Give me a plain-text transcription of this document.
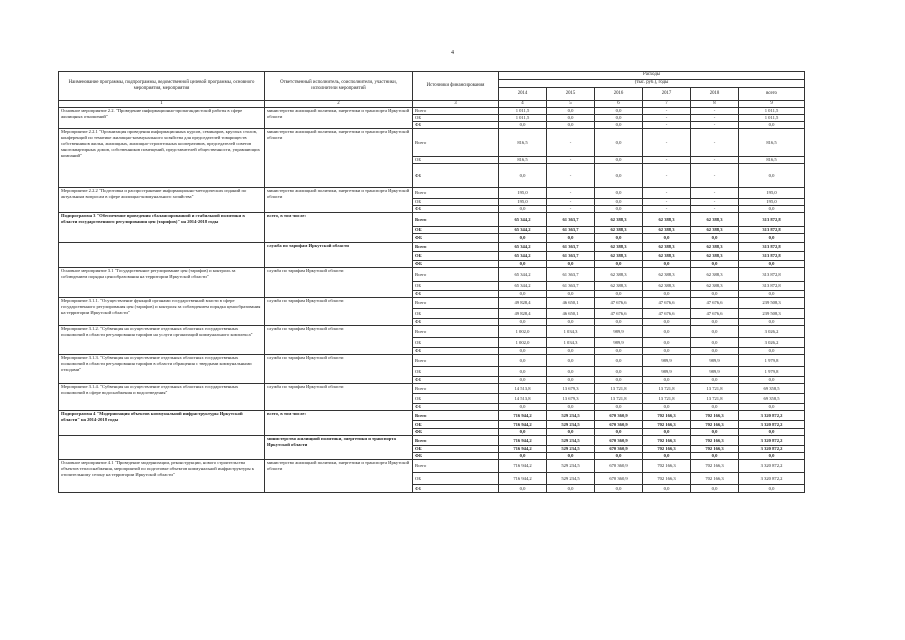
4
Наименование программы, подпрограммы, ведомственной целевой программы, основного мероприятия, мероприятия	Ответственный исполнитель, соисполнители, участники, исполнители мероприятий	Источники финансирования	Расходы					
			(тыс. руб.), годы					
			2014	2015	2016	2017	2018	всего
1	2	3	4	5	6	7	8	9
Основное мероприятие 2.2. "Проведение информационно-пропагандистской работы в сфере жилищных отношений"	министерство жилищной политики, энергетики и транспорта Иркутской области	Всего	1 011,5	0,0	0,0	-	-	1 011,5
		ОБ	1 011,5	0,0	0,0	-	-	1 011,5
		ФБ	0,0	0,0	0,0	-	-	0,0
Мероприятие 2.2.1 "Организация проведения информационных курсов, семинаров, круглых столов, конференций по тематике жилищно-коммунального хозяйства для председателей товариществ собственников жилья, жилищных, жилищно-строительных кооперативов, председателей советов многоквартирных домов, собственников помещений, представителей общественности, управляющих компаний"	министерство жилищной политики, энергетики и транспорта Иркутской области	Всего	816,5	-	0,0	-	-	816,5
		ОБ	816,5	-	0,0	-	-	816,5
		ФБ	0,0	-	0,0	-	-	0,0
Мероприятие 2.2.2 "Подготовка и распространение информационно-методических изданий по актуальным вопросам в сфере жилищно-коммунального хозяйства"	министерство жилищной политики, энергетики и транспорта Иркутской области	Всего	195,0	-	0,0	-	-	195,0
		ОБ	195,0	-	0,0	-	-	195,0
		ФБ	0,0	-	0,0	-	-	0,0
Подпрограмма 3 "Обеспечение проведения сбалансированной и стабильной политики в области государственного регулирования цен (тарифов)" на 2014-2018 годы	всего, в том числе:	Всего	65 344,2	61 363,7	62 388,3	62 388,3	62 388,3	313 872,8
		ОБ	65 344,2	61 363,7	62 388,3	62 388,3	62 388,3	313 872,8
		ФБ	0,0	0,0	0,0	0,0	0,0	0,0
	служба по тарифам Иркутской области	Всего	65 344,2	61 363,7	62 388,3	62 388,3	62 388,3	313 872,8
		ОБ	65 344,2	61 363,7	62 388,3	62 388,3	62 388,3	313 872,8
		ФБ	0,0	0,0	0,0	0,0	0,0	0,0
Основное мероприятие 3.1 "Государственное регулирование цен (тарифов) и контроль за соблюдением порядка ценообразования на территории Иркутской области"	служба по тарифам Иркутской области	Всего	65 344,2	61 363,7	62 388,3	62 388,3	62 388,3	313 872,8
		ОБ	65 344,2	61 363,7	62 388,3	62 388,3	62 388,3	313 872,8
		ФБ	0,0	0,0	0,0	0,0	0,0	0,0
Мероприятие 3.1.1. "Осуществление функций органами государственной власти в сфере государственного регулирования цен (тарифов) и контроля за соблюдением порядка ценообразования на территории Иркутской области"	служба по тарифам Иркутской области	Всего	49 828,4	46 650,1	47 676,6	47 676,6	47 676,6	239 508,3
		ОБ	49 828,4	46 650,1	47 676,6	47 676,6	47 676,6	239 508,3
		ФБ	0,0	0,0	0,0	0,0	0,0	0,0
Мероприятие 3.1.2. "Субвенция на осуществление отдельных областных государственных полномочий в области регулирования тарифов на услуги организаций коммунального комплекса"	служба по тарифам Иркутской области	Всего	1 002,0	1 034,3	989,9	0,0	0,0	3 026,2
		ОБ	1 002,0	1 034,3	989,9	0,0	0,0	3 026,2
		ФБ	0,0	0,0	0,0	0,0	0,0	0,0
Мероприятие 3.1.3. "Субвенция на осуществление отдельных областных государственных полномочий в области регулирования тарифов в области обращения с твердыми коммунальными отходами"	служба по тарифам Иркутской области	Всего	0,0	0,0	0,0	989,9	989,9	1 979,8
		ОБ	0,0	0,0	0,0	989,9	989,9	1 979,8
		ФБ	0,0	0,0	0,0	0,0	0,0	0,0
Мероприятие 3.1.4. "Субвенция на осуществление отдельных областных государственных полномочий в сфере водоснабжения и водоотведения"	служба по тарифам Иркутской области	Всего	14 513,8	13 679,3	13 721,8	13 721,8	13 721,8	69 358,5
		ОБ	14 513,8	13 679,3	13 721,8	13 721,8	13 721,8	69 358,5
		ФБ	0,0	0,0	0,0	0,0	0,0	0,0
Подпрограмма 4 "Модернизация объектов коммунальной инфраструктуры Иркутской области" на 2014-2018 годы	всего, в том числе:	Всего	716 944,2	529 234,5	670 360,9	702 166,3	702 166,3	3 320 872,2
		ОБ	716 944,2	529 234,5	670 360,9	702 166,3	702 166,3	3 320 872,2
		ФБ	0,0	0,0	0,0	0,0	0,0	0,0
	министерство жилищной политики, энергетики и транспорта Иркутской области	Всего	716 944,2	529 234,5	670 360,9	702 166,3	702 166,3	3 320 872,2
		ОБ	716 944,2	529 234,5	670 360,9	702 166,3	702 166,3	3 320 872,2
		ФБ	0,0	0,0	0,0	0,0	0,0	0,0
Основное мероприятие 4.1 "Проведение модернизации, реконструкции, нового строительства объектов теплоснабжения, мероприятий по подготовке объектов коммунальной инфраструктуры к отопительному сезону на территории Иркутской области"	министерство жилищной политики, энергетики и транспорта Иркутской области	Всего	716 944,2	529 234,5	670 360,9	702 166,3	702 166,3	3 320 872,2
		ОБ	716 944,2	529 234,5	670 360,9	702 166,3	702 166,3	3 320 872,2
		ФБ	0,0	0,0	0,0	0,0	0,0	0,0
